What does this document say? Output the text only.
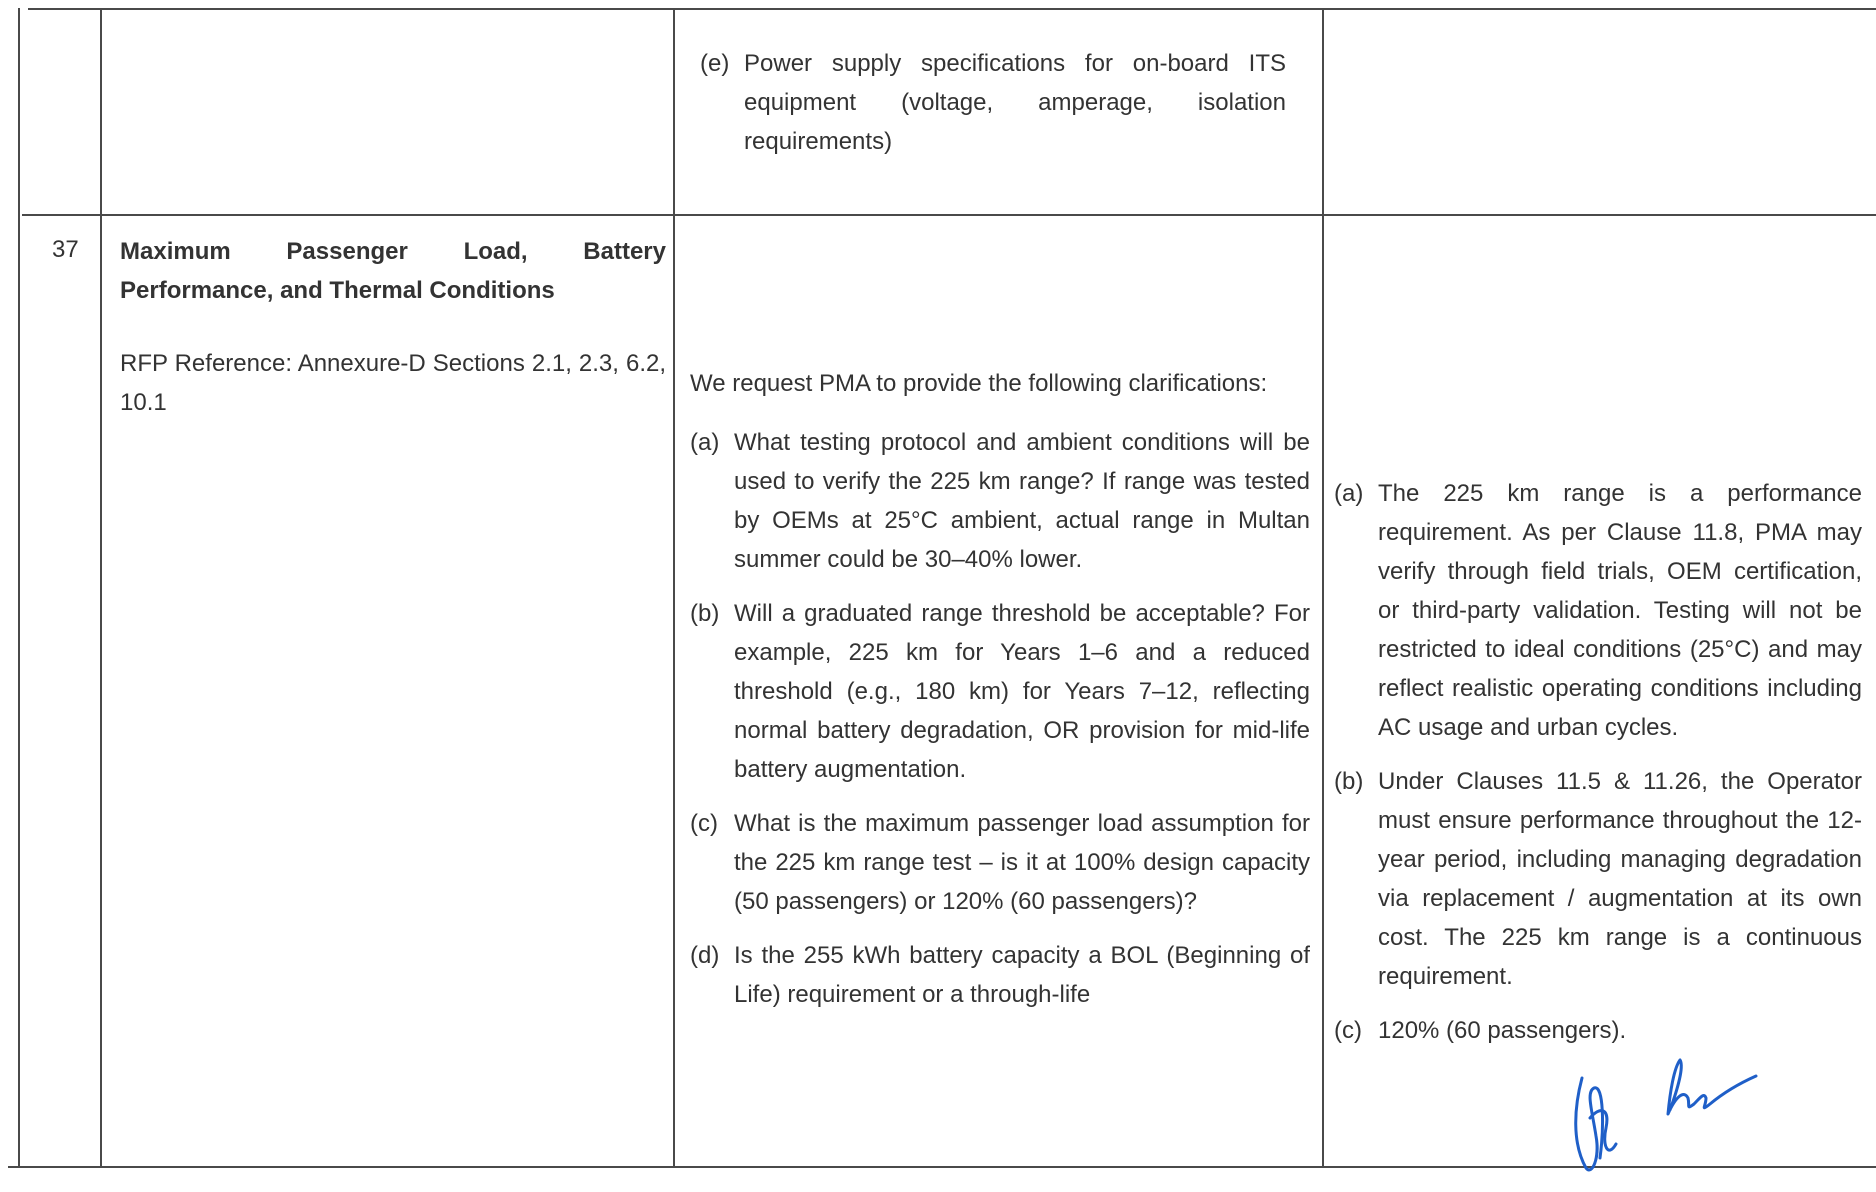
(e) Power supply specifications for on-board ITS equipment (voltage, amperage, isolation requirements)
37	Maximum Passenger Load, Battery Performance, and Thermal Conditions
RFP Reference: Annexure-D Sections 2.1, 2.3, 6.2, 10.1
We request PMA to provide the following clarifications:
(a) What testing protocol and ambient conditions will be used to verify the 225 km range? If range was tested by OEMs at 25°C ambient, actual range in Multan summer could be 30–40% lower.
(b) Will a graduated range threshold be acceptable? For example, 225 km for Years 1–6 and a reduced threshold (e.g., 180 km) for Years 7–12, reflecting normal battery degradation, OR provision for mid-life battery augmentation.
(c) What is the maximum passenger load assumption for the 225 km range test – is it at 100% design capacity (50 passengers) or 120% (60 passengers)?
(d) Is the 255 kWh battery capacity a BOL (Beginning of Life) requirement or a through-life
(a) The 225 km range is a performance requirement. As per Clause 11.8, PMA may verify through field trials, OEM certification, or third-party validation. Testing will not be restricted to ideal conditions (25°C) and may reflect realistic operating conditions including AC usage and urban cycles.
(b) Under Clauses 11.5 & 11.26, the Operator must ensure performance throughout the 12-year period, including managing degradation via replacement / augmentation at its own cost. The 225 km range is a continuous requirement.
(c) 120% (60 passengers).
